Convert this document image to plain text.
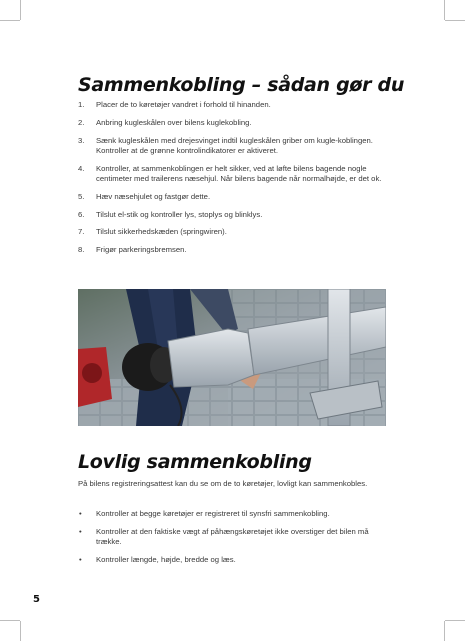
Sammenkobling – sådan gør du
1. Placer de to køretøjer vandret i forhold til hinanden.
2. Anbring kugleskålen over bilens kuglekobling.
3. Sænk kugleskålen med drejesvinget indtil kugleskålen griber om kugle-koblingen. Kontroller at de grønne kontrolindikatorer er aktiveret.
4. Kontroller, at sammenkoblingen er helt sikker, ved at løfte bilens bagende nogle centimeter med trailerens næsehjul. Når bilens bagende når normalhøjde, er det ok.
5. Hæv næsehjulet og fastgør dette.
6. Tilslut el-stik og kontroller lys, stoplys og blinklys.
7. Tilslut sikkerhedskæden (springwiren).
8. Frigør parkeringsbremsen.
Lovlig sammenkobling

På bilens registreringsattest kan du se om de to køretøjer, lovligt kan sammenkobles.

• Kontroller at begge køretøjer er registreret til synsfri sammenkobling.
• Kontroller at den faktiske vægt af påhængskøretøjet ikke overstiger det bilen må trække.
• Kontroller længde, højde, bredde og læs.
5
